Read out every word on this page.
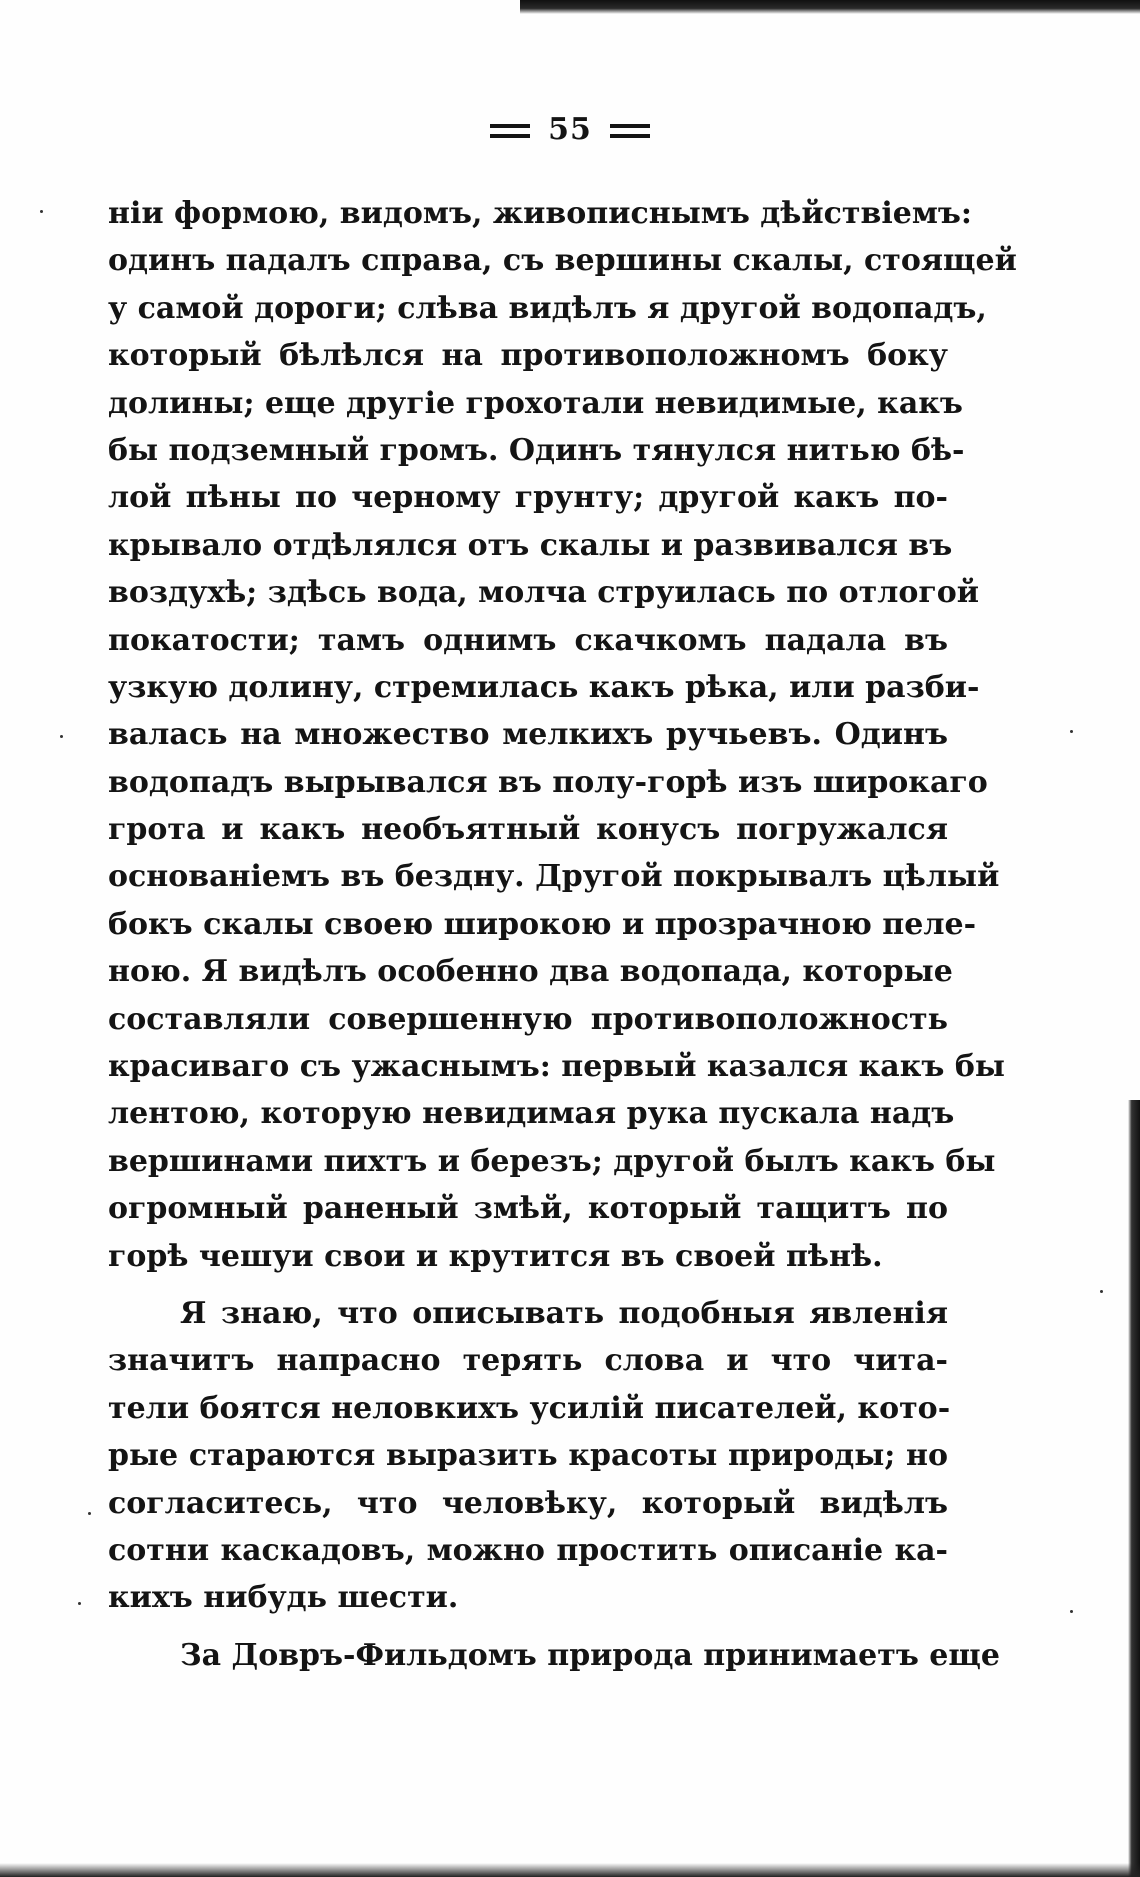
55
ніи формою, видомъ, живописнымъ дѣйствіемъ:
одинъ падалъ справа, съ вершины скалы, стоящей
у самой дороги; слѣва видѣлъ я другой водопадъ,
который бѣлѣлся на противоположномъ боку
долины; еще другіе грохотали невидимые, какъ
бы подземный громъ. Одинъ тянулся нитью бѣ-
лой пѣны по черному грунту; другой какъ по-
крывало отдѣлялся отъ скалы и развивался въ
воздухѣ; здѣсь вода, молча струилась по отлогой
покатости; тамъ однимъ скачкомъ падала въ
узкую долину, стремилась какъ рѣка, или разби-
валась на множество мелкихъ ручьевъ. Одинъ
водопадъ вырывался въ полу-горѣ изъ широкаго
грота и какъ необъятный конусъ погружался
основаніемъ въ бездну. Другой покрывалъ цѣлый
бокъ скалы своею широкою и прозрачною пеле-
ною. Я видѣлъ особенно два водопада, которые
составляли совершенную противоположность
красиваго съ ужаснымъ: первый казался какъ бы
лентою, которую невидимая рука пускала надъ
вершинами пихтъ и березъ; другой былъ какъ бы
огромный раненый змѣй, который тащитъ по
горѣ чешуи свои и крутится въ своей пѣнѣ.
Я знаю, что описывать подобныя явленія
значитъ напрасно терять слова и что чита-
тели боятся неловкихъ усилій писателей, кото-
рые стараются выразить красоты природы; но
согласитесь, что человѣку, который видѣлъ
сотни каскадовъ, можно простить описаніе ка-
кихъ нибудь шести.
За Довръ-Фильдомъ природа принимаетъ еще
